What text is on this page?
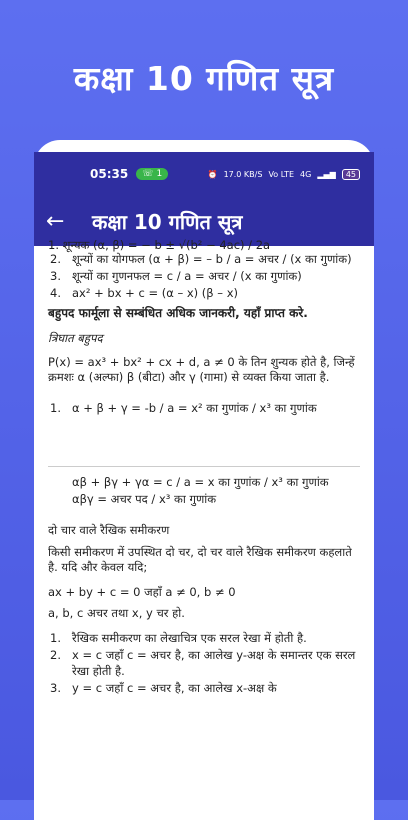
कक्षा 10 गणित सूत्र
05:35 ☏ 1	⏰ 17.0 KB/S Vo LTE 4G ▂▄▆	45
←	कक्षा 10 गणित सूत्र
1. शून्यक (α, β) = − b ± √(b² − 4ac) / 2a
2. शून्यों का योगफल (α + β) = – b / a = अचर / (x का गुणांक)
3. शून्यों का गुणनफल = c / a = अचर / (x का गुणांक)
4. ax² + bx + c = (α – x) (β – x)
बहुपद फार्मूला से सम्बंधित अधिक जानकरी, यहाँ प्राप्त करे.
त्रिघात बहुपद
P(x) = ax³ + bx² + cx + d, a ≠ 0 के तिन शुन्यक होते है, जिन्हें क्रमशः α (अल्फा) β (बीटा) और γ (गामा) से व्यक्त किया जाता है.
1. α + β + γ = -b / a = x² का गुणांक / x³ का गुणांक
αβ + βγ + γα = c / a = x का गुणांक / x³ का गुणांक
αβγ = अचर पद / x³ का गुणांक
दो चार वाले रैखिक समीकरण
किसी समीकरण में उपस्थित दो चर, दो चर वाले रैखिक समीकरण कहलाते है. यदि और केवल यदि;
ax + by + c = 0 जहाँ a ≠ 0, b ≠ 0
a, b, c अचर तथा x, y चर हो.
1. रैखिक समीकरण का लेखाचित्र एक सरल रेखा में होती है.
2. x = c जहाँ c = अचर है, का आलेख y-अक्ष के समान्तर एक सरल रेखा होती है.
3. y = c जहाँ c = अचर है, का आलेख x-अक्ष के
